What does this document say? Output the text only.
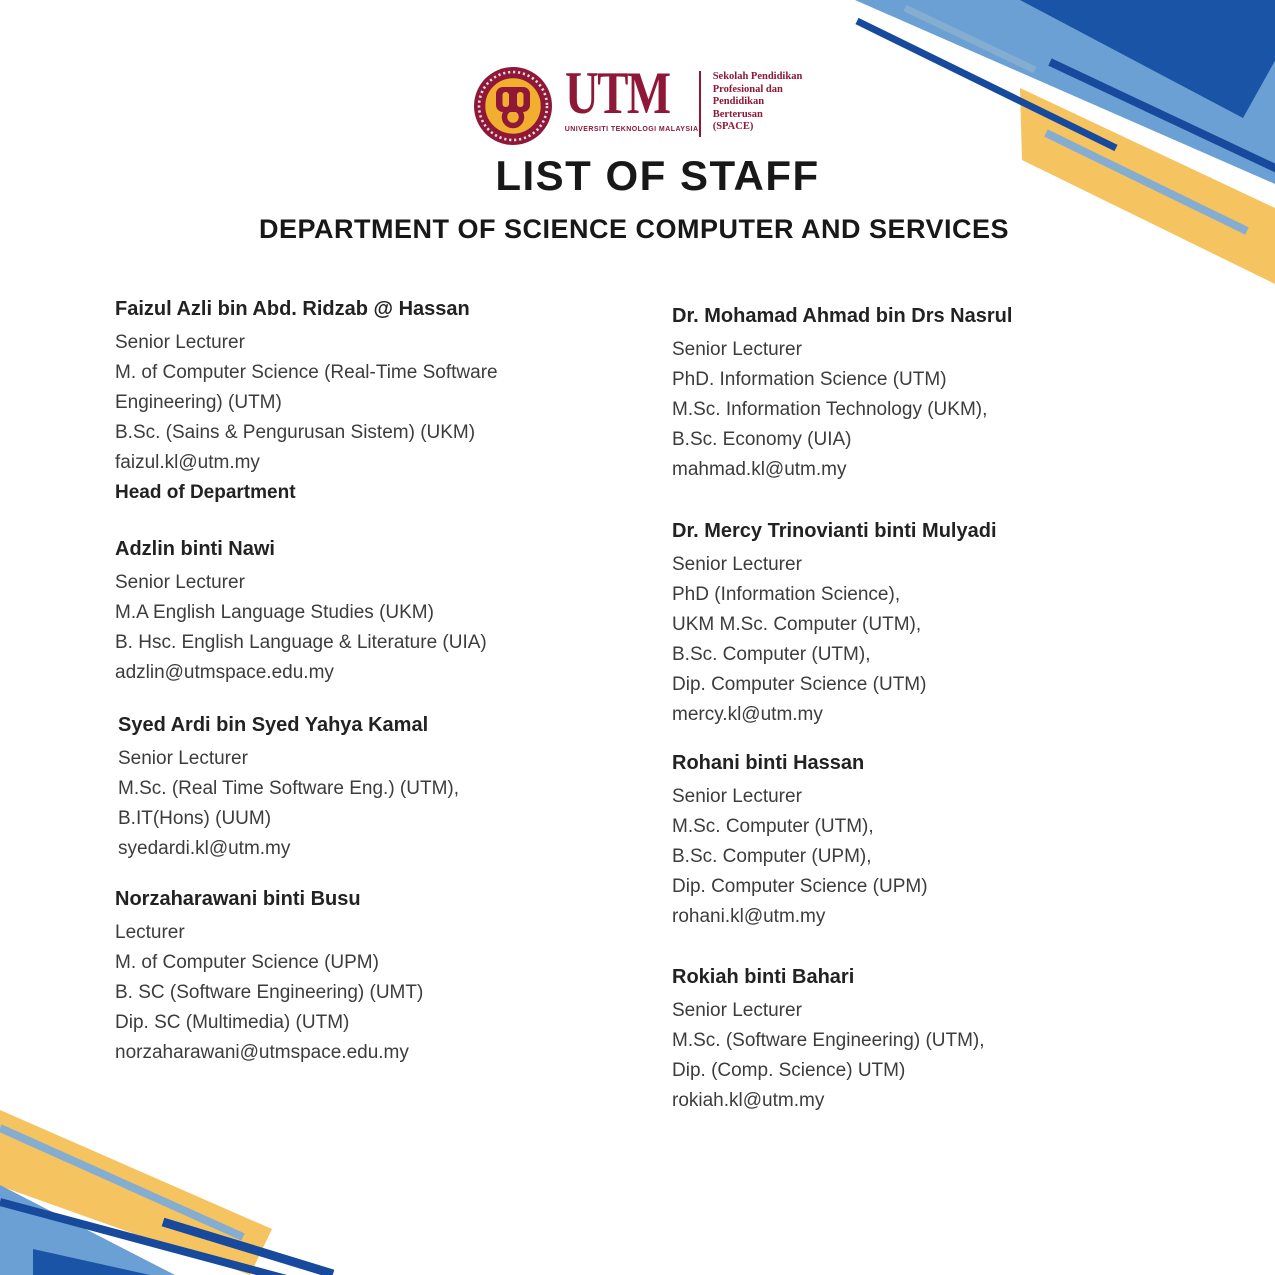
UTM
UNIVERSITI TEKNOLOGI MALAYSIA
Sekolah Pendidikan
Profesional dan
Pendidikan
Berterusan
(SPACE)
LIST OF STAFF
DEPARTMENT OF SCIENCE COMPUTER AND SERVICES
Faizul Azli bin Abd. Ridzab @ Hassan
Senior Lecturer
M. of Computer Science (Real-Time Software Engineering) (UTM)
B.Sc. (Sains & Pengurusan Sistem) (UKM)
faizul.kl@utm.my
Head of Department
Adzlin binti Nawi
Senior Lecturer
M.A English Language Studies (UKM)
B. Hsc. English Language & Literature (UIA)
adzlin@utmspace.edu.my
Syed Ardi bin Syed Yahya Kamal
Senior Lecturer
M.Sc. (Real Time Software Eng.) (UTM),
B.IT(Hons) (UUM)
syedardi.kl@utm.my
Norzaharawani binti Busu
Lecturer
M. of Computer Science (UPM)
B. SC (Software Engineering) (UMT)
Dip. SC (Multimedia) (UTM)
norzaharawani@utmspace.edu.my
Dr. Mohamad Ahmad bin Drs Nasrul
Senior Lecturer
PhD. Information Science (UTM)
M.Sc. Information Technology (UKM),
B.Sc. Economy (UIA)
mahmad.kl@utm.my
Dr. Mercy Trinovianti binti Mulyadi
Senior Lecturer
PhD (Information Science),
UKM M.Sc. Computer (UTM),
B.Sc. Computer (UTM),
Dip. Computer Science (UTM)
mercy.kl@utm.my
Rohani binti Hassan
Senior Lecturer
M.Sc. Computer (UTM),
B.Sc. Computer (UPM),
Dip. Computer Science (UPM)
rohani.kl@utm.my
Rokiah binti Bahari
Senior Lecturer
M.Sc. (Software Engineering) (UTM),
Dip. (Comp. Science) UTM)
rokiah.kl@utm.my
